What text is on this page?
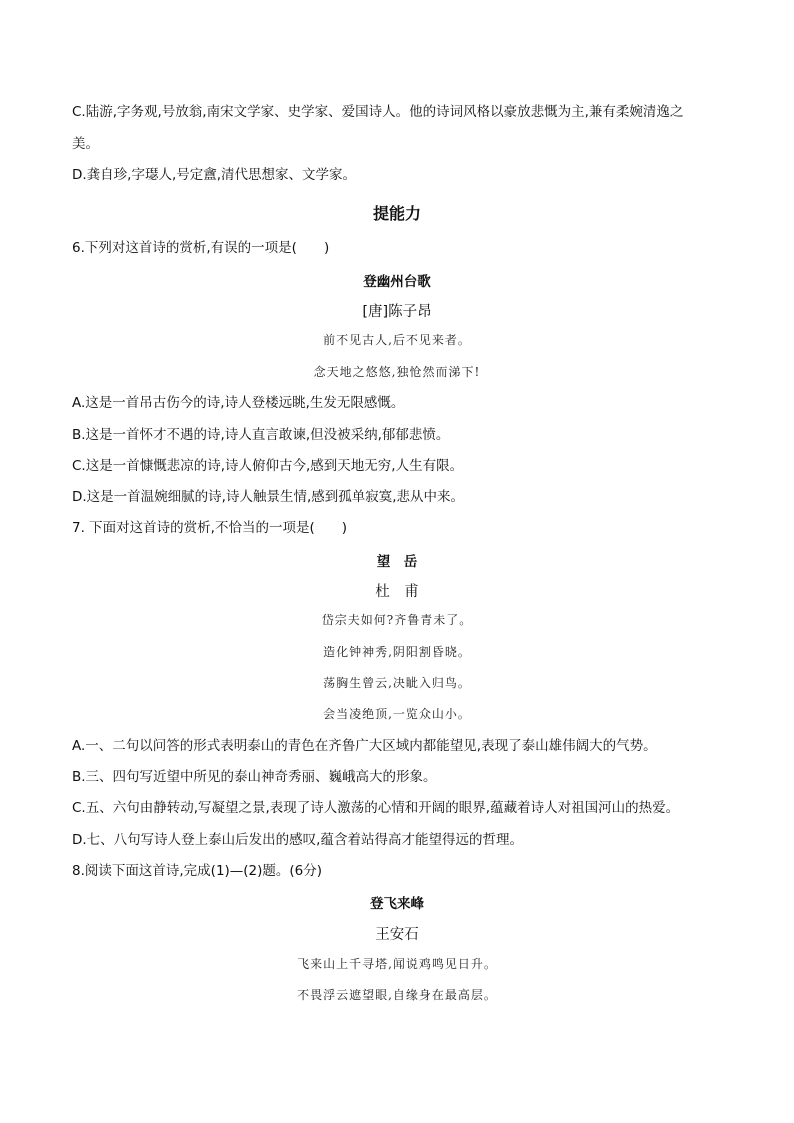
C.陆游,字务观,号放翁,南宋文学家、史学家、爱国诗人。他的诗词风格以豪放悲慨为主,兼有柔婉清逸之
美。
D.龚自珍,字璱人,号定盦,清代思想家、文学家。
提能力
6.下列对这首诗的赏析,有误的一项是(　　)
登幽州台歌
[唐]陈子昂
前不见古人,后不见来者。
念天地之悠悠,独怆然而涕下!
A.这是一首吊古伤今的诗,诗人登楼远眺,生发无限感慨。
B.这是一首怀才不遇的诗,诗人直言敢谏,但没被采纳,郁郁悲愤。
C.这是一首慷慨悲凉的诗,诗人俯仰古今,感到天地无穷,人生有限。
D.这是一首温婉细腻的诗,诗人触景生情,感到孤单寂寞,悲从中来。
7. 下面对这首诗的赏析,不恰当的一项是(　　)
望　岳
杜　甫
岱宗夫如何?齐鲁青未了。
造化钟神秀,阴阳割昏晓。
荡胸生曾云,决眦入归鸟。
会当凌绝顶,一览众山小。
A.一、二句以问答的形式表明泰山的青色在齐鲁广大区域内都能望见,表现了泰山雄伟阔大的气势。
B.三、四句写近望中所见的泰山神奇秀丽、巍峨高大的形象。
C.五、六句由静转动,写凝望之景,表现了诗人激荡的心情和开阔的眼界,蕴藏着诗人对祖国河山的热爱。
D.七、八句写诗人登上泰山后发出的感叹,蕴含着站得高才能望得远的哲理。
8.阅读下面这首诗,完成(1)—(2)题。(6分)
登飞来峰
王安石
飞来山上千寻塔,闻说鸡鸣见日升。
不畏浮云遮望眼,自缘身在最高层。
